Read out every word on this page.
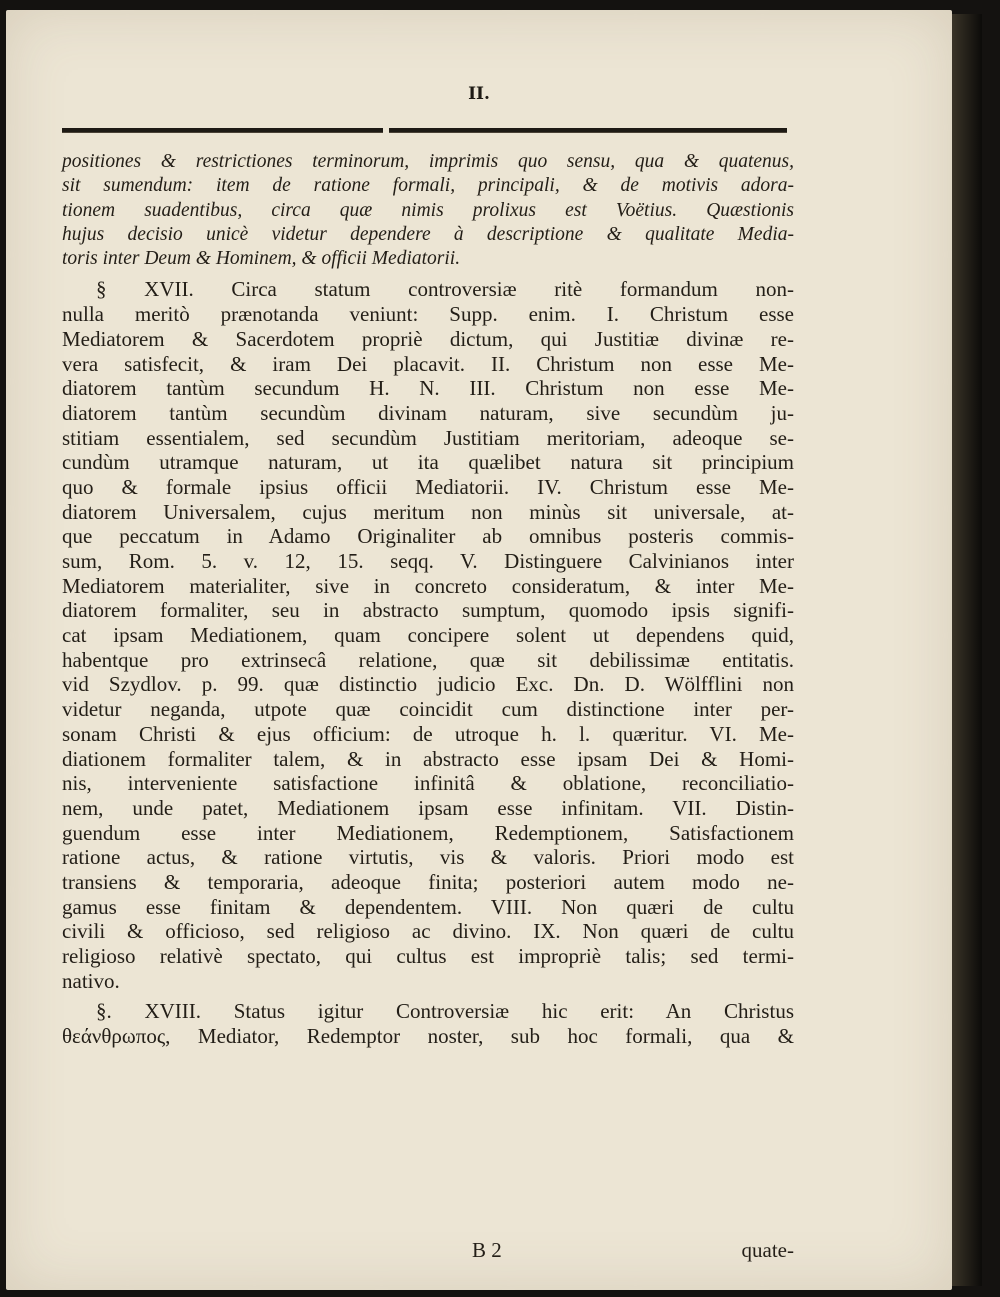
II.
positiones & restrictiones terminorum, imprimis quo sensu, qua & quatenus,
sit sumendum: item de ratione formali, principali, & de motivis adora-
tionem suadentibus, circa quæ nimis prolixus est Voëtius. Quæstionis
hujus decisio unicè videtur dependere à descriptione & qualitate Media-
toris inter Deum & Hominem, & officii Mediatorii.
§ XVII. Circa statum controversiæ ritè formandum non-
nulla meritò prænotanda veniunt: Supp. enim. I. Christum esse
Mediatorem & Sacerdotem propriè dictum, qui Justitiæ divinæ re-
vera satisfecit, & iram Dei placavit. II. Christum non esse Me-
diatorem tantùm secundum H. N. III. Christum non esse Me-
diatorem tantùm secundùm divinam naturam, sive secundùm ju-
stitiam essentialem, sed secundùm Justitiam meritoriam, adeoque se-
cundùm utramque naturam, ut ita quælibet natura sit principium
quo & formale ipsius officii Mediatorii. IV. Christum esse Me-
diatorem Universalem, cujus meritum non minùs sit universale, at-
que peccatum in Adamo Originaliter ab omnibus posteris commis-
sum, Rom. 5. v. 12, 15. seqq. V. Distinguere Calvinianos inter
Mediatorem materialiter, sive in concreto consideratum, & inter Me-
diatorem formaliter, seu in abstracto sumptum, quomodo ipsis signifi-
cat ipsam Mediationem, quam concipere solent ut dependens quid,
habentque pro extrinsecâ relatione, quæ sit debilissimæ entitatis.
vid Szydlov. p. 99. quæ distinctio judicio Exc. Dn. D. Wölfflini non
videtur neganda, utpote quæ coincidit cum distinctione inter per-
sonam Christi & ejus officium: de utroque h. l. quæritur. VI. Me-
diationem formaliter talem, & in abstracto esse ipsam Dei & Homi-
nis, interveniente satisfactione infinitâ & oblatione, reconciliatio-
nem, unde patet, Mediationem ipsam esse infinitam. VII. Distin-
guendum esse inter Mediationem, Redemptionem, Satisfactionem
ratione actus, & ratione virtutis, vis & valoris. Priori modo est
transiens & temporaria, adeoque finita; posteriori autem modo ne-
gamus esse finitam & dependentem. VIII. Non quæri de cultu
civili & officioso, sed religioso ac divino. IX. Non quæri de cultu
religioso relativè spectato, qui cultus est impropriè talis; sed termi-
nativo.
§. XVIII. Status igitur Controversiæ hic erit: An Christus
θεάνθρωπος, Mediator, Redemptor noster, sub hoc formali, qua &
B 2	quate-
